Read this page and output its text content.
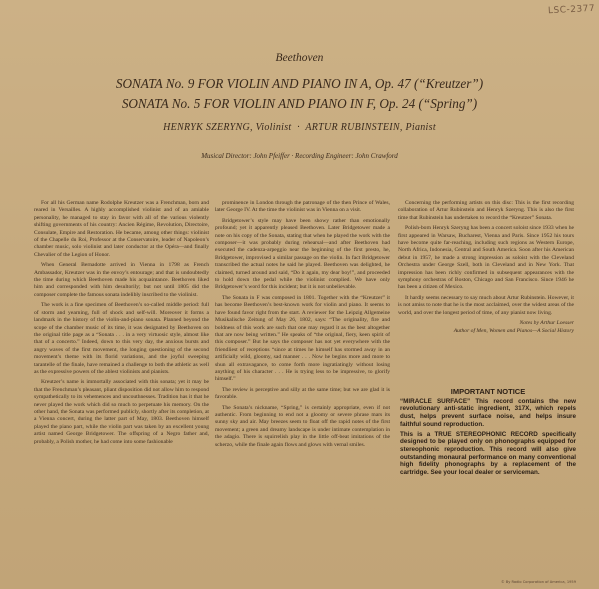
LSC-2377
Beethoven
SONATA No. 9 FOR VIOLIN AND PIANO IN A, Op. 47 (“Kreutzer”)
SONATA No. 5 FOR VIOLIN AND PIANO IN F, Op. 24 (“Spring”)
HENRYK SZERYNG, Violinist · ARTUR RUBINSTEIN, Pianist
Musical Director: John Pfeiffer · Recording Engineer: John Crawford

For all his German name Rodolphe Kreutzer was a Frenchman, born and reared in Versailles. A highly accomplished violinist and of an amiable personality, he managed to stay in favor with all of the various violently shifting governments of his country: Ancien Régime, Revolution, Directoire, Consulate, Empire and Restoration. He became, among other things: violinist of the Chapelle du Roi, Professor at the Conservatoire, leader of Napoleon’s chamber music, solo violinist and later conductor at the Opéra—and finally Chevalier of the Legion of Honor.

When General Bernadotte arrived in Vienna in 1798 as French Ambassador, Kreutzer was in the envoy’s entourage; and that is undoubtedly the time during which Beethoven made his acquaintance. Beethoven liked him and corresponded with him desultorily; but not until 1805 did the composer complete the famous sonata indelibly inscribed to the violinist.

The work is a fine specimen of Beethoven’s so-called middle period: full of storm and yearning, full of shock and self-will. Moreover it forms a landmark in the history of the violin-and-piano sonata. Planned beyond the scope of the chamber music of its time, it was designated by Beethoven on the original title page as a “Sonata . . . in a very virtuosic style, almost like that of a concerto.” Indeed, down to this very day, the anxious bursts and angry waves of the first movement, the longing questioning of the second movement’s theme with its florid variations, and the joyful sweeping tarantelle of the finale, have remained a challenge to both the athletic as well as the expressive powers of the ablest violinists and pianists.

Kreutzer’s name is immortally associated with this sonata; yet it may be that the Frenchman’s pleasant, pliant disposition did not allow him to respond sympathetically to its vehemences and uncouthnesses. Tradition has it that he never played the work which did so much to perpetuate his memory. On the other hand, the Sonata was performed publicly, shortly after its completion, at a Vienna concert, during the latter part of May, 1803. Beethoven himself played the piano part, while the violin part was taken by an excellent young artist named George Bridgetower. The offspring of a Negro father and, probably, a Polish mother, he had come into some fashionable

prominence in London through the patronage of the then Prince of Wales, later George IV. At the time the violinist was in Vienna on a visit.

Bridgetower’s style may have been showy rather than emotionally profound; yet it apparently pleased Beethoven. Later Bridgetower made a note on his copy of the Sonata, stating that when he played the work with the composer—it was probably during rehearsal—and after Beethoven had executed the cadenza-arpeggio near the beginning of the first presto, he, Bridgetower, improvised a similar passage on the violin. In fact Bridgetower transcribed the actual notes he said he played. Beethoven was delighted, he claimed, turned around and said, “Do it again, my dear boy!”, and proceeded to hold down the pedal while the violinist complied. We have only Bridgetower’s word for this incident; but it is not unbelievable.

The Sonata in F was composed in 1801. Together with the “Kreutzer” it has become Beethoven’s best-known work for violin and piano. It seems to have found favor right from the start. A reviewer for the Leipzig Allgemeine Musikalische Zeitung of May 26, 1802, says: “The originality, fire and boldness of this work are such that one may regard it as the best altogether that are now being written.” He speaks of “the original, fiery, keen spirit of this composer.” But he says the composer has not yet everywhere with the friendliest of receptions “since at times he himself has stormed away in an artificially wild, gloomy, sad manner . . . Now he begins more and more to shun all extravagance, to come forth more ingratiatingly without losing anything of his character . . . He is trying less to be impressive, to glorify himself.”

The review is perceptive and silly at the same time; but we are glad it is favorable.

The Sonata’s nickname, “Spring,” is certainly appropriate, even if not authentic. From beginning to end not a gloomy or severe phrase mars its sunny sky and air. May breezes seem to float off the rapid notes of the first movement; a green and dreamy landscape is under intimate contemplation in the adagio. There is squirrelish play in the little off-beat imitations of the scherzo, while the finale again flows and glows with vernal smiles.

Concerning the performing artists on this disc: This is the first recording collaboration of Artur Rubinstein and Henryk Szeryng. This is also the first time that Rubinstein has undertaken to record the “Kreutzer” Sonata.

Polish-born Henryk Szeryng has been a concert soloist since 1933 when he first appeared in Warsaw, Bucharest, Vienna and Paris. Since 1952 his tours have become quite far-reaching, including such regions as Western Europe, North Africa, Indonesia, Central and South America. Soon after his American debut in 1957, he made a strong impression as soloist with the Cleveland Orchestra under George Szell, both in Cleveland and in New York. That impression has been richly confirmed in subsequent appearances with the symphony orchestras of Boston, Chicago and San Francisco. Since 1946 he has been a citizen of Mexico.

It hardly seems necessary to say much about Artur Rubinstein. However, it is not amiss to note that he is the most acclaimed, over the widest areas of the world, and over the longest period of time, of any pianist now living.

Notes by Arthur Loesser

Author of Men, Women and Pianos—A Social History

IMPORTANT NOTICE

“MIRACLE SURFACE” This record contains the new revolutionary anti-static ingredient, 317X, which repels dust, helps prevent surface noise, and helps insure faithful sound reproduction.

This is a TRUE STEREOPHONIC RECORD specifically designed to be played only on phonographs equipped for stereophonic reproduction. This record will also give outstanding monaural performance on many conventional high fidelity phonographs by a replacement of the cartridge. See your local dealer or serviceman.

© By Radio Corporation of America, 1959
